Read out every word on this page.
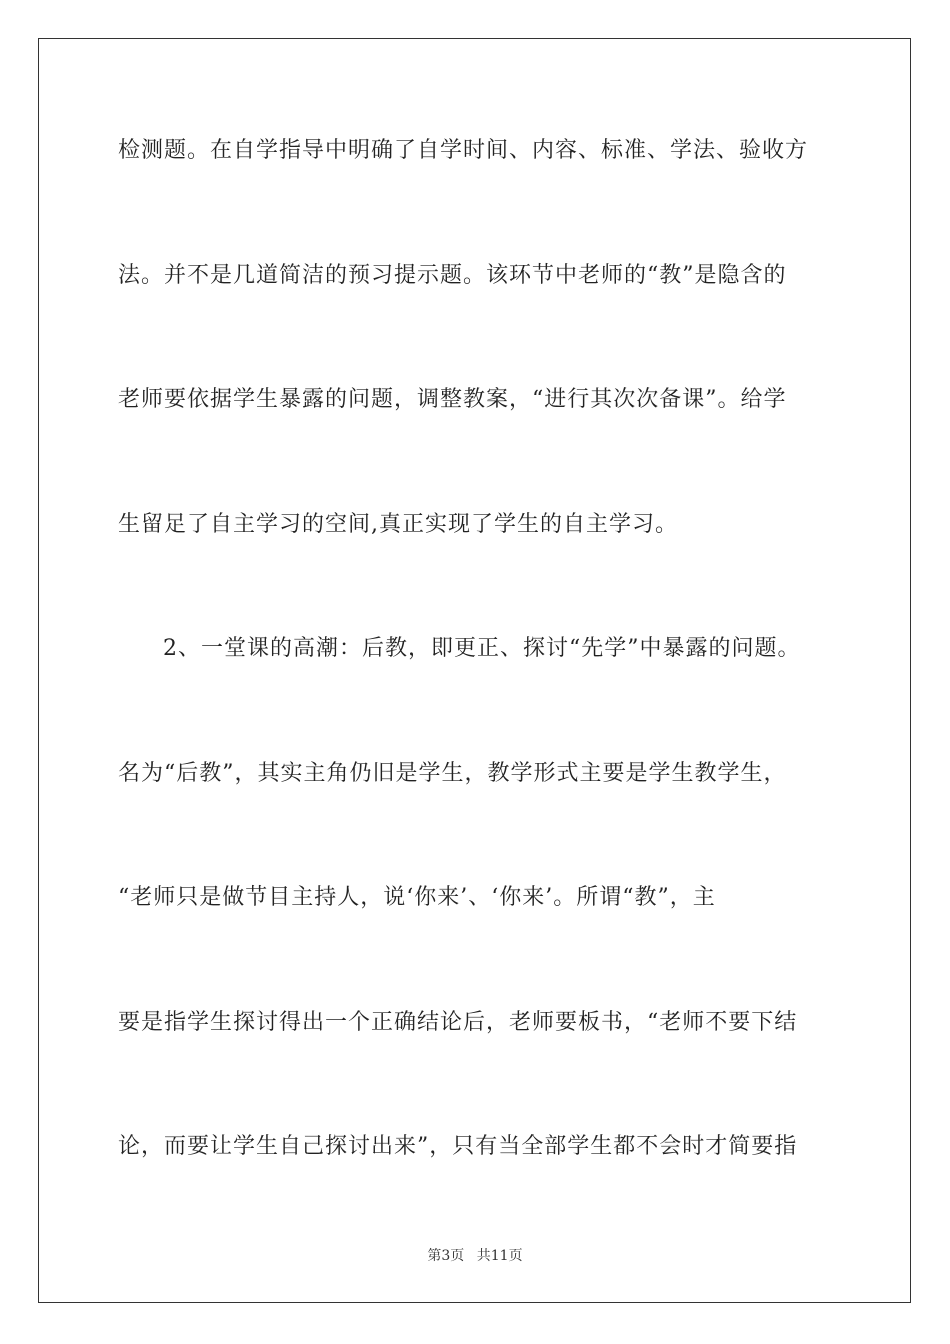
检测题。在自学指导中明确了自学时间、内容、标准、学法、验收方
法。并不是几道简洁的预习提示题。该环节中老师的“教”是隐含的
老师要依据学生暴露的问题，调整教案，“进行其次次备课”。给学
生留足了自主学习的空间,真正实现了学生的自主学习。
2、一堂课的高潮：后教，即更正、探讨“先学”中暴露的问题。
名为“后教”，其实主角仍旧是学生，教学形式主要是学生教学生，
“老师只是做节目主持人，说‘你来’、‘你来’。所谓“教”，主
要是指学生探讨得出一个正确结论后，老师要板书，“老师不要下结
论，而要让学生自己探讨出来”，只有当全部学生都不会时才简要指
第3页 共11页
